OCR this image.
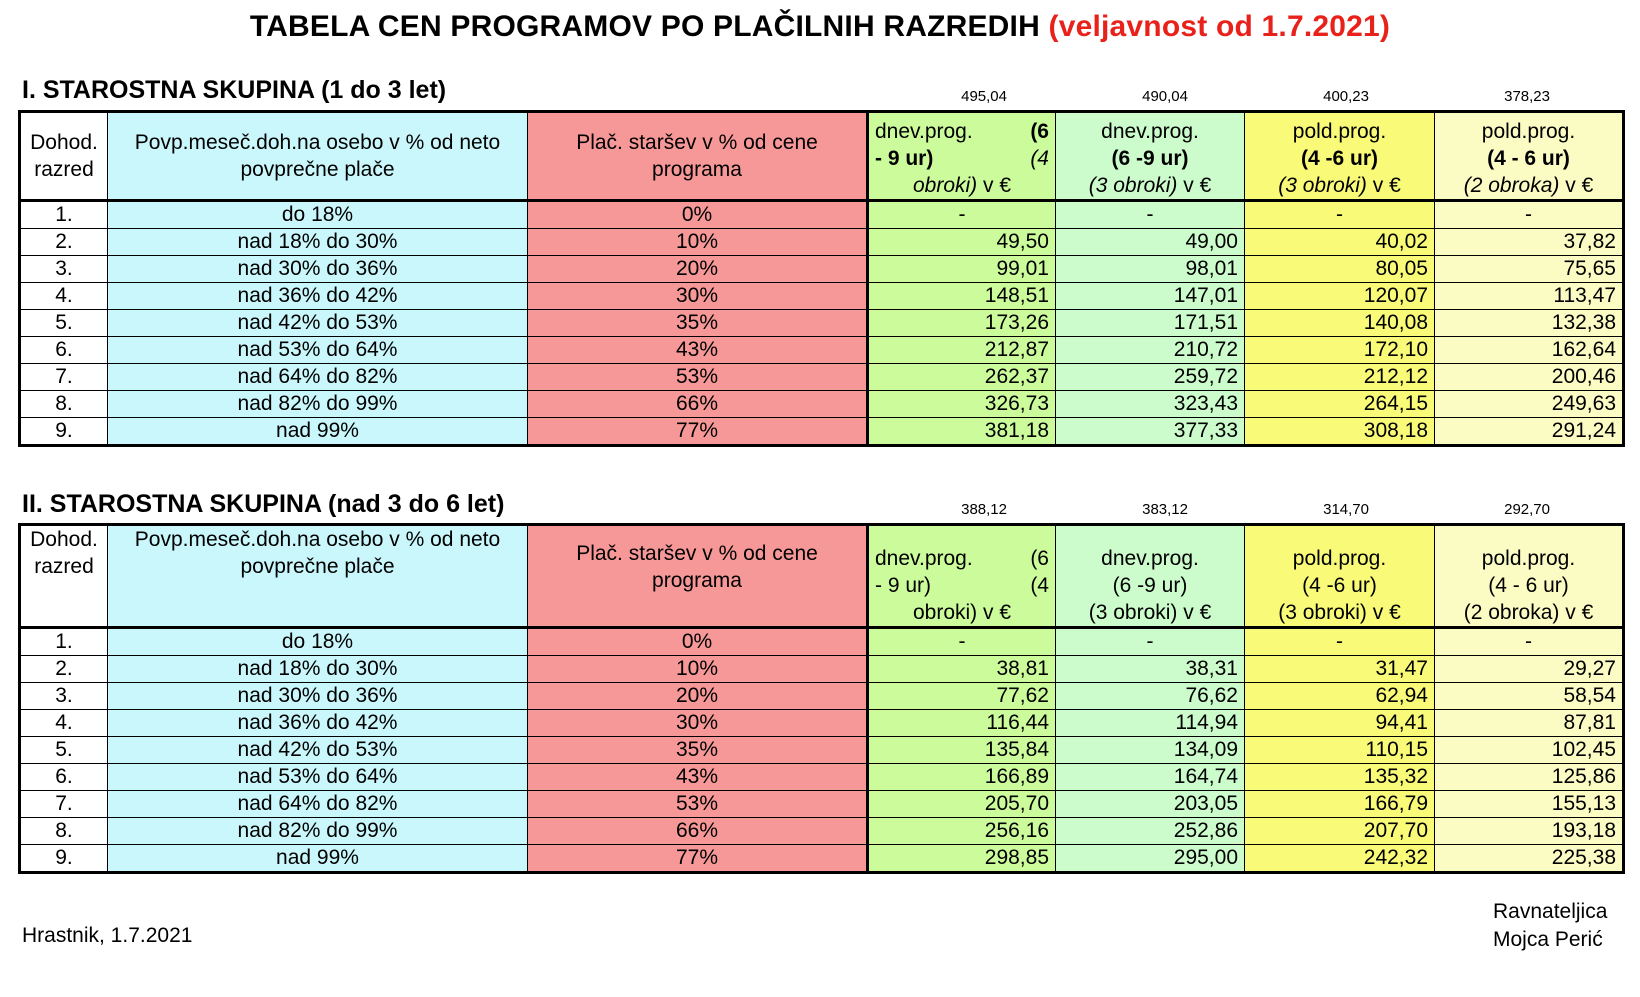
TABELA CEN PROGRAMOV PO PLAČILNIH RAZREDIH (veljavnost od 1.7.2021)
I. STAROSTNA SKUPINA (1 do 3 let)	495,04	490,04	400,23	378,23
Dohod.
razred	Povp.meseč.doh.na osebo v % od neto
povprečne plače	Plač. staršev v % od cene
programa	dnev.prog. (6
- 9 ur) (4
obroki) v €	dnev.prog.
(6 -9 ur)
(3 obroki) v €	pold.prog.
(4 -6 ur)
(3 obroki) v €	pold.prog.
(4 - 6 ur)
(2 obroka) v €

1.	do 18%	0%	-	-	-	-
2.	nad 18% do 30%	10%	49,50	49,00	40,02	37,82
3.	nad 30% do 36%	20%	99,01	98,01	80,05	75,65
4.	nad 36% do 42%	30%	148,51	147,01	120,07	113,47
5.	nad 42% do 53%	35%	173,26	171,51	140,08	132,38
6.	nad 53% do 64%	43%	212,87	210,72	172,10	162,64
7.	nad 64% do 82%	53%	262,37	259,72	212,12	200,46
8.	nad 82% do 99%	66%	326,73	323,43	264,15	249,63
9.	nad 99%	77%	381,18	377,33	308,18	291,24
II. STAROSTNA SKUPINA (nad 3 do 6 let)	388,12	383,12	314,70	292,70
Dohod.
razred	Povp.meseč.doh.na osebo v % od neto
povprečne plače	Plač. staršev v % od cene
programa	dnev.prog. (6
- 9 ur) (4
obroki) v €	dnev.prog.
(6 -9 ur)
(3 obroki) v €	pold.prog.
(4 -6 ur)
(3 obroki) v €	pold.prog.
(4 - 6 ur)
(2 obroka) v €

1.	do 18%	0%	-	-	-	-
2.	nad 18% do 30%	10%	38,81	38,31	31,47	29,27
3.	nad 30% do 36%	20%	77,62	76,62	62,94	58,54
4.	nad 36% do 42%	30%	116,44	114,94	94,41	87,81
5.	nad 42% do 53%	35%	135,84	134,09	110,15	102,45
6.	nad 53% do 64%	43%	166,89	164,74	135,32	125,86
7.	nad 64% do 82%	53%	205,70	203,05	166,79	155,13
8.	nad 82% do 99%	66%	256,16	252,86	207,70	193,18
9.	nad 99%	77%	298,85	295,00	242,32	225,38
Hrastnik, 1.7.2021
Ravnateljica
Mojca Perić
